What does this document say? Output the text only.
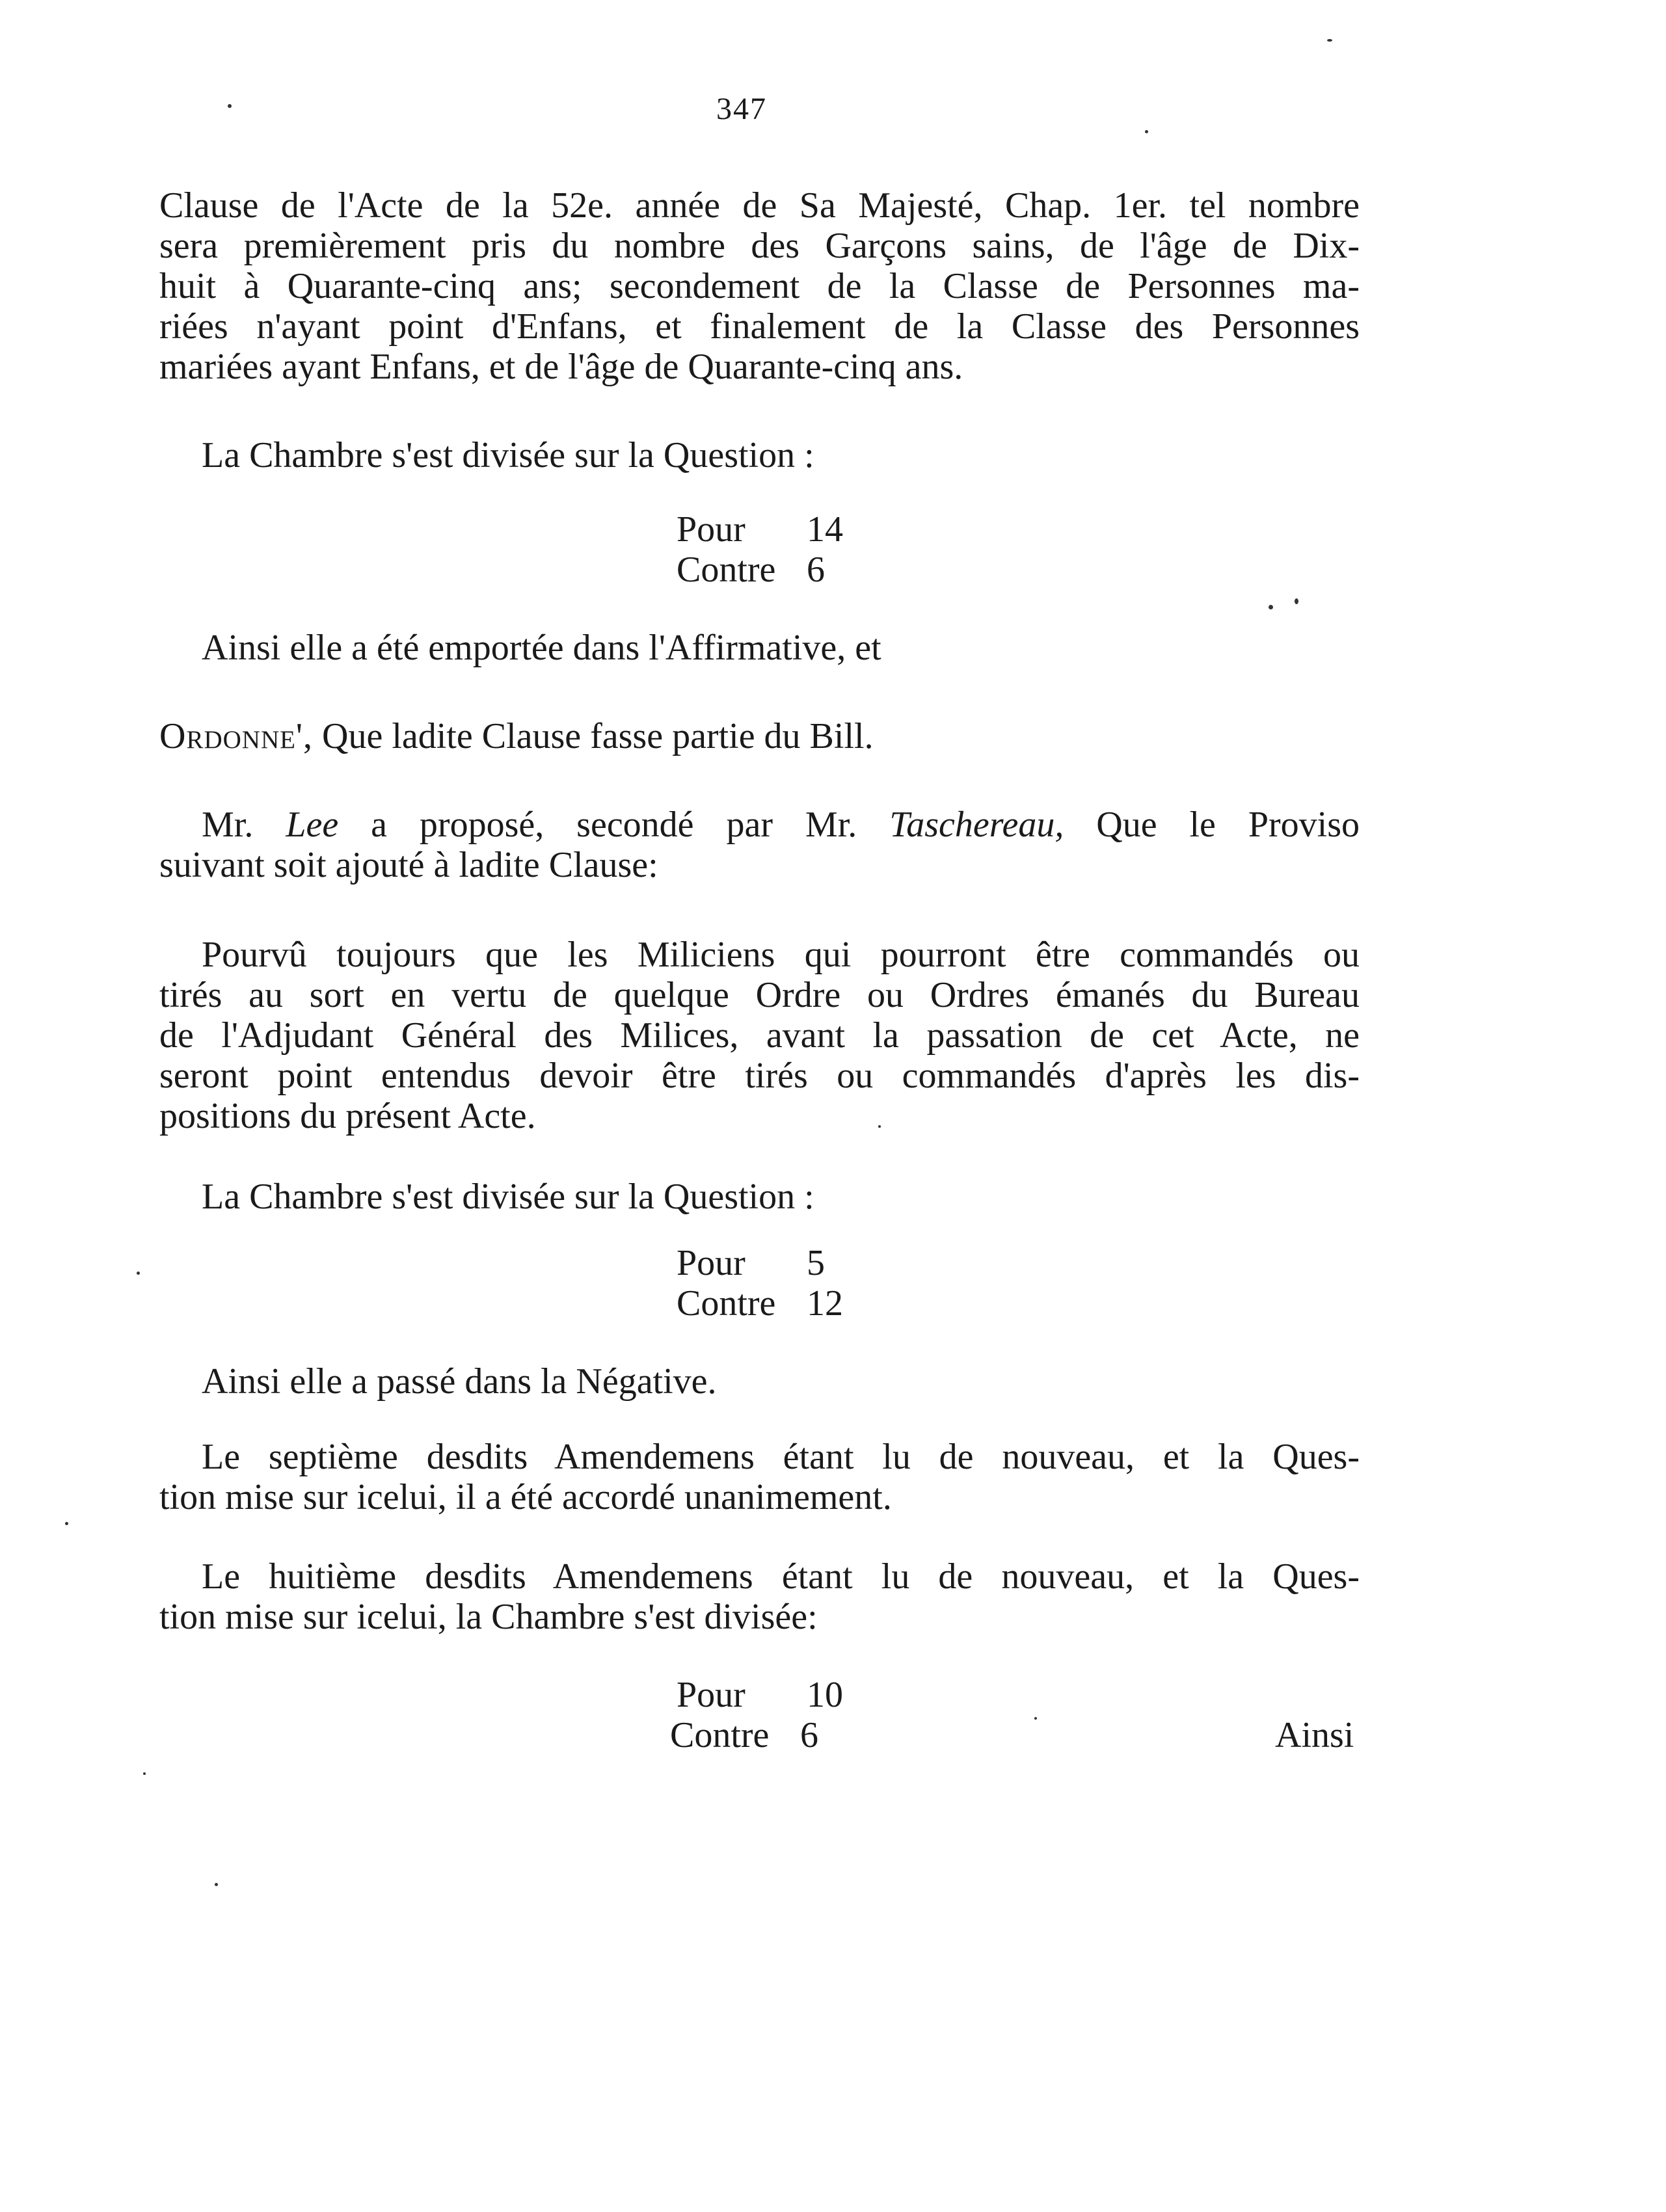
347
Clause de l'Acte de la 52e. année de Sa Majesté, Chap. 1er. tel nombre
sera premièrement pris du nombre des Garçons sains, de l'âge de Dix-
huit à Quarante-cinq ans; secondement de la Classe de Personnes ma-
riées n'ayant point d'Enfans, et finalement de la Classe des Personnes
mariées ayant Enfans, et de l'âge de Quarante-cinq ans.
La Chambre s'est divisée sur la Question :
Pour 14
Contre 6
Ainsi elle a été emportée dans l'Affirmative, et
Ordonne', Que ladite Clause fasse partie du Bill.
Mr. Lee a proposé, secondé par Mr. Taschereau, Que le Proviso
suivant soit ajouté à ladite Clause:
Pourvû toujours que les Miliciens qui pourront être commandés ou
tirés au sort en vertu de quelque Ordre ou Ordres émanés du Bureau
de l'Adjudant Général des Milices, avant la passation de cet Acte, ne
seront point entendus devoir être tirés ou commandés d'après les dis-
positions du présent Acte.
La Chambre s'est divisée sur la Question :
Pour 5
Contre 12
Ainsi elle a passé dans la Négative.
Le septième desdits Amendemens étant lu de nouveau, et la Ques-
tion mise sur icelui, il a été accordé unanimement.
Le huitième desdits Amendemens étant lu de nouveau, et la Ques-
tion mise sur icelui, la Chambre s'est divisée:
Pour 10
Contre 6	Ainsi
